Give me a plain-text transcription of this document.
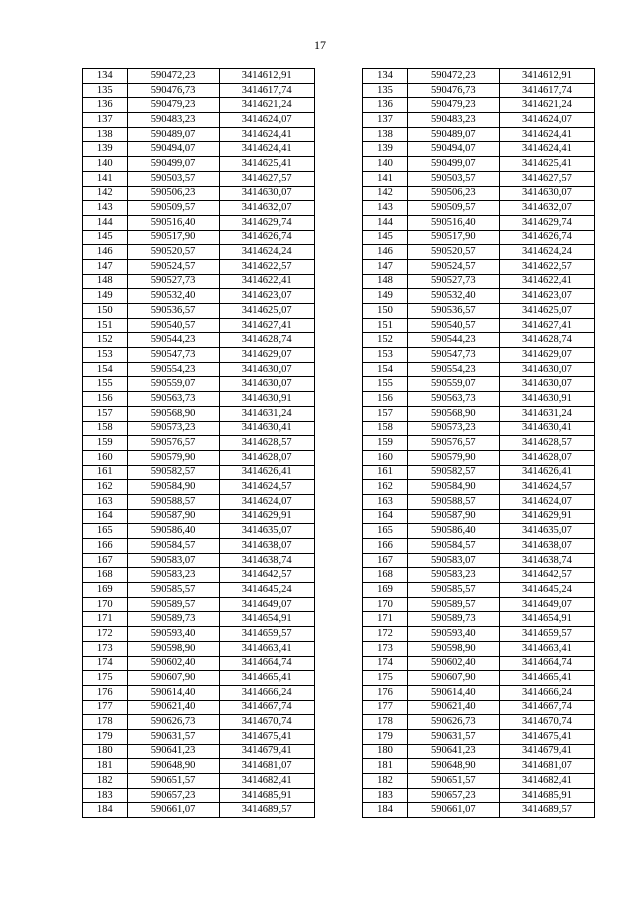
17
134	590472,23	3414612,91		134	590472,23	3414612,91
135	590476,73	3414617,74		135	590476,73	3414617,74
136	590479,23	3414621,24		136	590479,23	3414621,24
137	590483,23	3414624,07		137	590483,23	3414624,07
138	590489,07	3414624,41		138	590489,07	3414624,41
139	590494,07	3414624,41		139	590494,07	3414624,41
140	590499,07	3414625,41		140	590499,07	3414625,41
141	590503,57	3414627,57		141	590503,57	3414627,57
142	590506,23	3414630,07		142	590506,23	3414630,07
143	590509,57	3414632,07		143	590509,57	3414632,07
144	590516,40	3414629,74		144	590516,40	3414629,74
145	590517,90	3414626,74		145	590517,90	3414626,74
146	590520,57	3414624,24		146	590520,57	3414624,24
147	590524,57	3414622,57		147	590524,57	3414622,57
148	590527,73	3414622,41		148	590527,73	3414622,41
149	590532,40	3414623,07		149	590532,40	3414623,07
150	590536,57	3414625,07		150	590536,57	3414625,07
151	590540,57	3414627,41		151	590540,57	3414627,41
152	590544,23	3414628,74		152	590544,23	3414628,74
153	590547,73	3414629,07		153	590547,73	3414629,07
154	590554,23	3414630,07		154	590554,23	3414630,07
155	590559,07	3414630,07		155	590559,07	3414630,07
156	590563,73	3414630,91		156	590563,73	3414630,91
157	590568,90	3414631,24		157	590568,90	3414631,24
158	590573,23	3414630,41		158	590573,23	3414630,41
159	590576,57	3414628,57		159	590576,57	3414628,57
160	590579,90	3414628,07		160	590579,90	3414628,07
161	590582,57	3414626,41		161	590582,57	3414626,41
162	590584,90	3414624,57		162	590584,90	3414624,57
163	590588,57	3414624,07		163	590588,57	3414624,07
164	590587,90	3414629,91		164	590587,90	3414629,91
165	590586,40	3414635,07		165	590586,40	3414635,07
166	590584,57	3414638,07		166	590584,57	3414638,07
167	590583,07	3414638,74		167	590583,07	3414638,74
168	590583,23	3414642,57		168	590583,23	3414642,57
169	590585,57	3414645,24		169	590585,57	3414645,24
170	590589,57	3414649,07		170	590589,57	3414649,07
171	590589,73	3414654,91		171	590589,73	3414654,91
172	590593,40	3414659,57		172	590593,40	3414659,57
173	590598,90	3414663,41		173	590598,90	3414663,41
174	590602,40	3414664,74		174	590602,40	3414664,74
175	590607,90	3414665,41		175	590607,90	3414665,41
176	590614,40	3414666,24		176	590614,40	3414666,24
177	590621,40	3414667,74		177	590621,40	3414667,74
178	590626,73	3414670,74		178	590626,73	3414670,74
179	590631,57	3414675,41		179	590631,57	3414675,41
180	590641,23	3414679,41		180	590641,23	3414679,41
181	590648,90	3414681,07		181	590648,90	3414681,07
182	590651,57	3414682,41		182	590651,57	3414682,41
183	590657,23	3414685,91		183	590657,23	3414685,91
184	590661,07	3414689,57		184	590661,07	3414689,57
